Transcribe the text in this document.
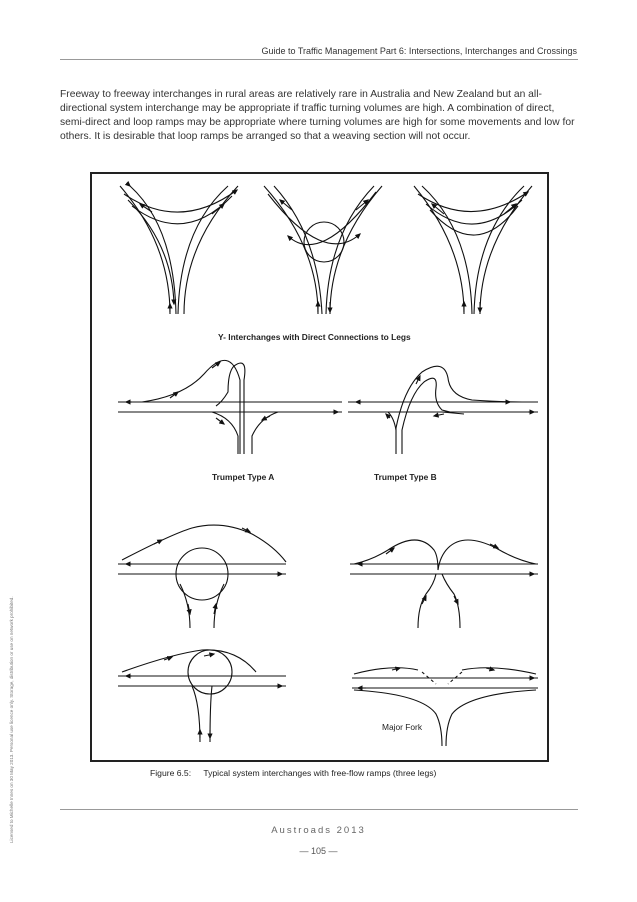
Guide to Traffic Management Part 6: Intersections, Interchanges and Crossings

Freeway to freeway interchanges in rural areas are relatively rare in Australia and New Zealand but an all-directional system interchange may be appropriate if traffic turning volumes are high. A combination of direct, semi-direct and loop ramps may be appropriate where turning volumes are high for some movements and low for others. It is desirable that loop ramps be arranged so that a weaving section will not occur.

Y- Interchanges with Direct Connections to Legs
Trumpet Type A	Trumpet Type B
Major Fork
Figure 6.5: Typical system interchanges with free-flow ramps (three legs)
Austroads 2013
— 105 —
Licensed to Michelle Innes on 30 May 2013. Personal use licence only. Storage, distribution or use on network prohibited.
